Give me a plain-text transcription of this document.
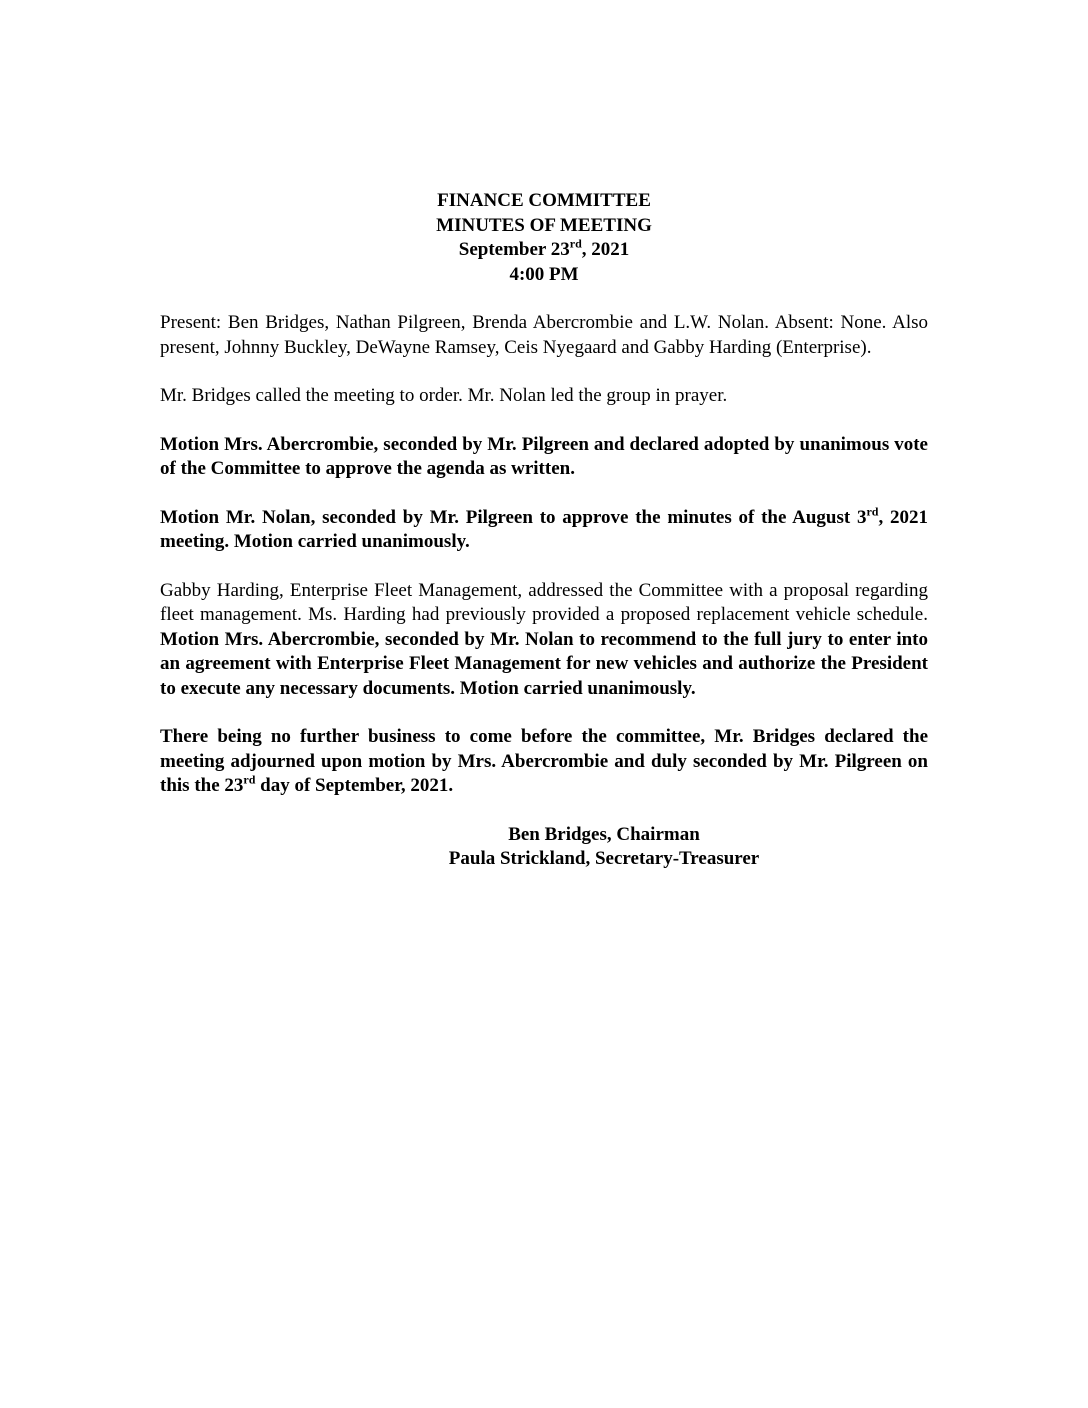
FINANCE COMMITTEE
MINUTES OF MEETING
September 23rd, 2021
4:00 PM

Present: Ben Bridges, Nathan Pilgreen, Brenda Abercrombie and L.W. Nolan. Absent: None. Also present, Johnny Buckley, DeWayne Ramsey, Ceis Nyegaard and Gabby Harding (Enterprise).

Mr. Bridges called the meeting to order. Mr. Nolan led the group in prayer.

Motion Mrs. Abercrombie, seconded by Mr. Pilgreen and declared adopted by unanimous vote of the Committee to approve the agenda as written.

Motion Mr. Nolan, seconded by Mr. Pilgreen to approve the minutes of the August 3rd, 2021 meeting. Motion carried unanimously.

Gabby Harding, Enterprise Fleet Management, addressed the Committee with a proposal regarding fleet management. Ms. Harding had previously provided a proposed replacement vehicle schedule. Motion Mrs. Abercrombie, seconded by Mr. Nolan to recommend to the full jury to enter into an agreement with Enterprise Fleet Management for new vehicles and authorize the President to execute any necessary documents. Motion carried unanimously.

There being no further business to come before the committee, Mr. Bridges declared the meeting adjourned upon motion by Mrs. Abercrombie and duly seconded by Mr. Pilgreen on this the 23rd day of September, 2021.

Ben Bridges, Chairman
Paula Strickland, Secretary-Treasurer
